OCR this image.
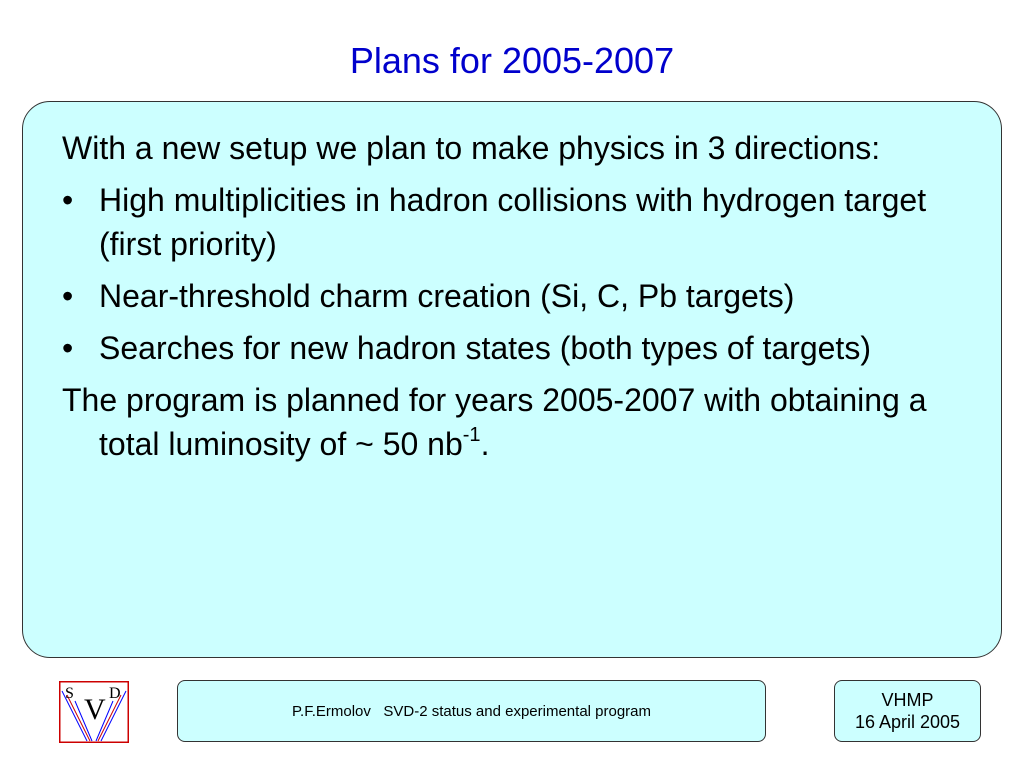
Plans for 2005-2007
With a new setup we plan to make physics in 3 directions:
• High multiplicities in hadron collisions with hydrogen target (first priority)
• Near-threshold charm creation (Si, C, Pb targets)
• Searches for new hadron states (both types of targets)
The program is planned for years 2005-2007 with obtaining a total luminosity of ~ 50 $nb^{-1}$.
S V D
P.F.Ermolov   SVD-2 status and experimental program
VHMP
16 April 2005
